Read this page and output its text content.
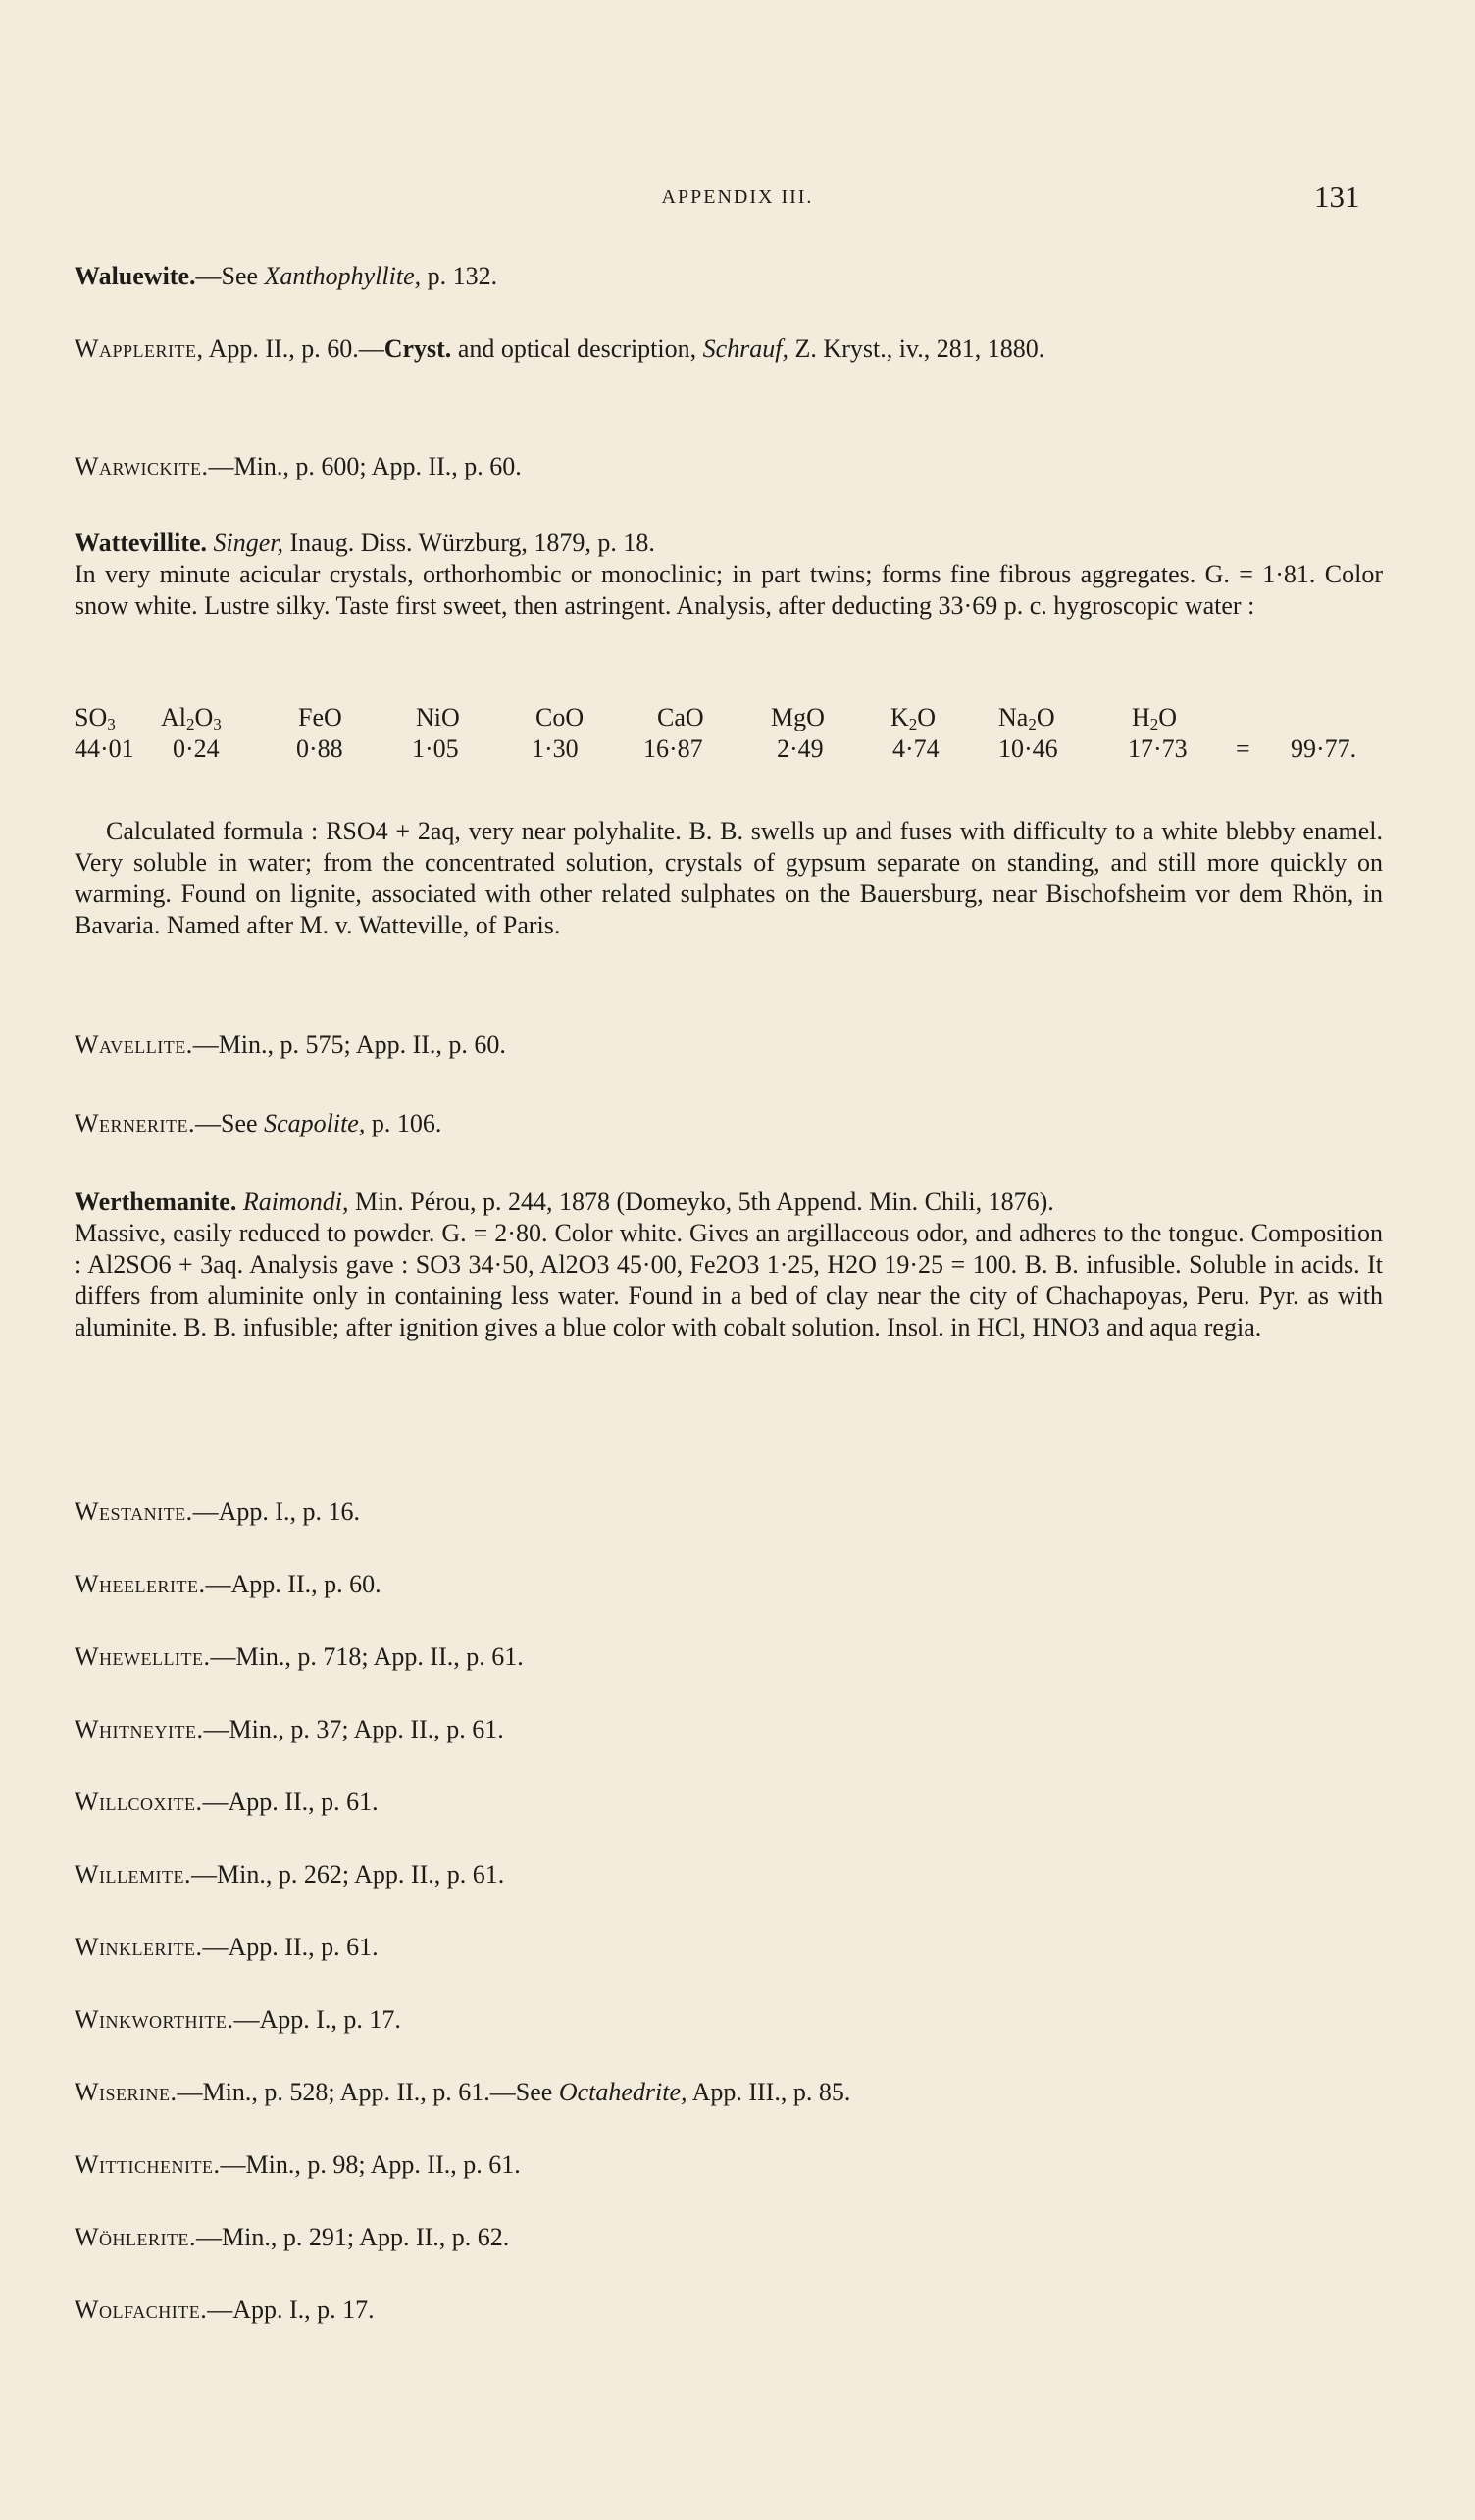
APPENDIX III.	131
Waluewite.—See Xanthophyllite, p. 132.
Wapplerite, App. II., p. 60.—Cryst. and optical description, Schrauf, Z. Kryst., iv., 281, 1880.
Warwickite.—Min., p. 600; App. II., p. 60.
Wattevillite. Singer, Inaug. Diss. Würzburg, 1879, p. 18.
In very minute acicular crystals, orthorhombic or monoclinic; in part twins; forms fine fibrous aggregates. G. = 1·81. Color snow white. Lustre silky. Taste first sweet, then astringent. Analysis, after deducting 33·69 p. c. hygroscopic water :
$SO_3$ $Al_2O_3$	FeO	NiO	CoO	CaO	MgO	$K_2O$ $Na_2O$	$H_2O$
44·01 0·24	0·88	1·05	1·30	16·87	2·49	4·74 10·46	17·73 = 99·77.
Calculated formula : RSO4 + 2aq, very near polyhalite. B. B. swells up and fuses with difficulty to a white blebby enamel. Very soluble in water; from the concentrated solution, crystals of gypsum separate on standing, and still more quickly on warming. Found on lignite, associated with other related sulphates on the Bauersburg, near Bischofsheim vor dem Rhön, in Bavaria. Named after M. v. Watteville, of Paris.
Wavellite.—Min., p. 575; App. II., p. 60.
Wernerite.—See Scapolite, p. 106.
Werthemanite. Raimondi, Min. Pérou, p. 244, 1878 (Domeyko, 5th Append. Min. Chili, 1876).
Massive, easily reduced to powder. G. = 2·80. Color white. Gives an argillaceous odor, and adheres to the tongue. Composition : Al2SO6 + 3aq. Analysis gave : SO3 34·50, Al2O3 45·00, Fe2O3 1·25, H2O 19·25 = 100. B. B. infusible. Soluble in acids. It differs from aluminite only in containing less water. Found in a bed of clay near the city of Chachapoyas, Peru. Pyr. as with aluminite. B. B. infusible; after ignition gives a blue color with cobalt solution. Insol. in HCl, HNO3 and aqua regia.
Westanite.—App. I., p. 16.
Wheelerite.—App. II., p. 60.
Whewellite.—Min., p. 718; App. II., p. 61.
Whitneyite.—Min., p. 37; App. II., p. 61.
Willcoxite.—App. II., p. 61.
Willemite.—Min., p. 262; App. II., p. 61.
Winklerite.—App. II., p. 61.
Winkworthite.—App. I., p. 17.
Wiserine.—Min., p. 528; App. II., p. 61.—See Octahedrite, App. III., p. 85.
Wittichenite.—Min., p. 98; App. II., p. 61.
Wöhlerite.—Min., p. 291; App. II., p. 62.
Wolfachite.—App. I., p. 17.
